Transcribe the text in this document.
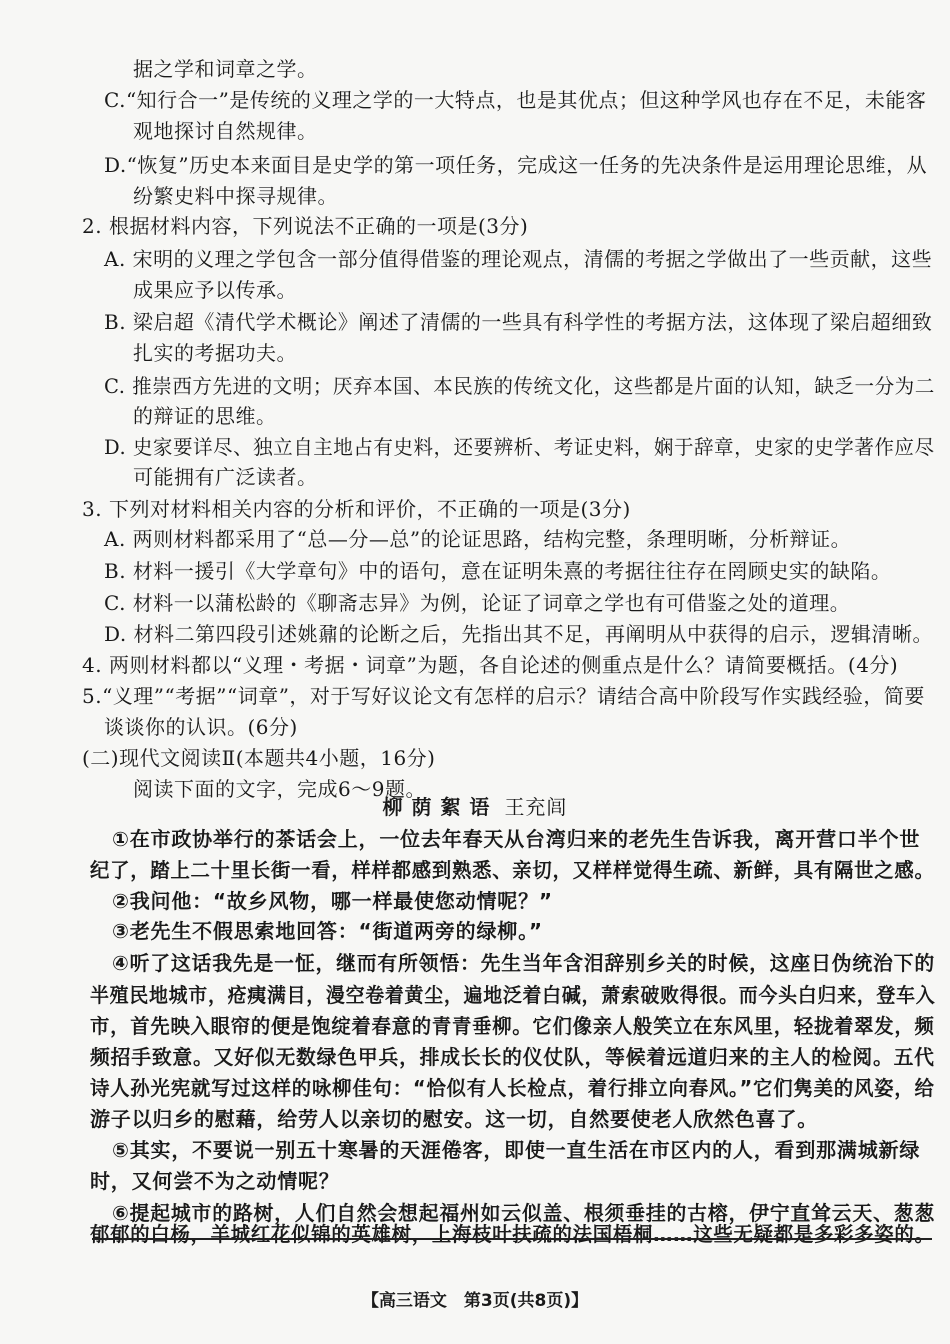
据之学和词章之学。
C.“知行合一”是传统的义理之学的一大特点，也是其优点；但这种学风也存在不足，未能客
观地探讨自然规律。
D.“恢复”历史本来面目是史学的第一项任务，完成这一任务的先决条件是运用理论思维，从
纷繁史料中探寻规律。
2. 根据材料内容，下列说法不正确的一项是(3分)
A. 宋明的义理之学包含一部分值得借鉴的理论观点，清儒的考据之学做出了一些贡献，这些
成果应予以传承。
B. 梁启超《清代学术概论》阐述了清儒的一些具有科学性的考据方法，这体现了梁启超细致
扎实的考据功夫。
C. 推崇西方先进的文明；厌弃本国、本民族的传统文化，这些都是片面的认知，缺乏一分为二
的辩证的思维。
D. 史家要详尽、独立自主地占有史料，还要辨析、考证史料，娴于辞章，史家的史学著作应尽
可能拥有广泛读者。
3. 下列对材料相关内容的分析和评价，不正确的一项是(3分)
A. 两则材料都采用了“总—分—总”的论证思路，结构完整，条理明晰，分析辩证。
B. 材料一援引《大学章句》中的语句，意在证明朱熹的考据往往存在罔顾史实的缺陷。
C. 材料一以蒲松龄的《聊斋志异》为例，论证了词章之学也有可借鉴之处的道理。
D. 材料二第四段引述姚鼐的论断之后，先指出其不足，再阐明从中获得的启示，逻辑清晰。
4. 两则材料都以“义理・考据・词章”为题，各自论述的侧重点是什么？请简要概括。(4分)
5.“义理”“考据”“词章”，对于写好议论文有怎样的启示？请结合高中阶段写作实践经验，简要
谈谈你的认识。(6分)
(二)现代文阅读Ⅱ(本题共4小题，16分)
阅读下面的文字，完成6～9题。
柳 荫 絮 语 王充闾
①在市政协举行的茶话会上，一位去年春天从台湾归来的老先生告诉我，离开营口半个世
纪了，踏上二十里长街一看，样样都感到熟悉、亲切，又样样觉得生疏、新鲜，具有隔世之感。
②我问他：“故乡风物，哪一样最使您动情呢？”
③老先生不假思索地回答：“街道两旁的绿柳。”
④听了这话我先是一怔，继而有所领悟：先生当年含泪辞别乡关的时候，这座日伪统治下的
半殖民地城市，疮痍满目，漫空卷着黄尘，遍地泛着白碱，萧索破败得很。而今头白归来，登车入
市，首先映入眼帘的便是饱绽着春意的青青垂柳。它们像亲人般笑立在东风里，轻拢着翠发，频
频招手致意。又好似无数绿色甲兵，排成长长的仪仗队，等候着远道归来的主人的检阅。五代
诗人孙光宪就写过这样的咏柳佳句：“恰似有人长检点，着行排立向春风。”它们隽美的风姿，给
游子以归乡的慰藉，给劳人以亲切的慰安。这一切，自然要使老人欣然色喜了。
⑤其实，不要说一别五十寒暑的天涯倦客，即使一直生活在市区内的人，看到那满城新绿
时，又何尝不为之动情呢？
⑥提起城市的路树，人们自然会想起福州如云似盖、根须垂挂的古榕，伊宁直耸云天、葱葱
郁郁的白杨，羊城红花似锦的英雄树，上海枝叶扶疏的法国梧桐……这些无疑都是多彩多姿的。
【高三语文　第3页(共8页)】
